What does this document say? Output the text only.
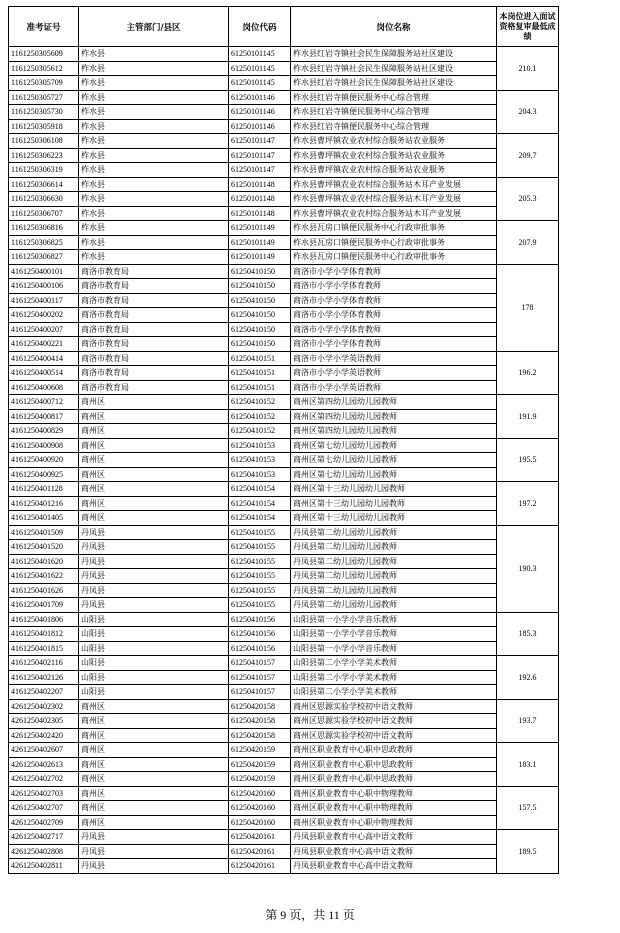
准考证号	主管部门/县区	岗位代码	岗位名称	本岗位进入面试资格复审最低成绩
1161250305609	柞水县	61250101145	柞水县红岩寺镇社会民生保障服务站社区建设	210.1
1161250305612	柞水县	61250101145	柞水县红岩寺镇社会民生保障服务站社区建设	
1161250305709	柞水县	61250101145	柞水县红岩寺镇社会民生保障服务站社区建设	
1161250305727	柞水县	61250101146	柞水县红岩寺镇便民服务中心综合管理	204.3
1161250305730	柞水县	61250101146	柞水县红岩寺镇便民服务中心综合管理	
1161250305918	柞水县	61250101146	柞水县红岩寺镇便民服务中心综合管理	
1161250306108	柞水县	61250101147	柞水县曹坪镇农业农村综合服务站农业服务	209.7
1161250306223	柞水县	61250101147	柞水县曹坪镇农业农村综合服务站农业服务	
1161250306319	柞水县	61250101147	柞水县曹坪镇农业农村综合服务站农业服务	
1161250306614	柞水县	61250101148	柞水县曹坪镇农业农村综合服务站木耳产业发展	205.3
1161250306630	柞水县	61250101148	柞水县曹坪镇农业农村综合服务站木耳产业发展	
1161250306707	柞水县	61250101148	柞水县曹坪镇农业农村综合服务站木耳产业发展	
1161250306816	柞水县	61250101149	柞水县瓦房口镇便民服务中心行政审批事务	207.9
1161250306825	柞水县	61250101149	柞水县瓦房口镇便民服务中心行政审批事务	
1161250306827	柞水县	61250101149	柞水县瓦房口镇便民服务中心行政审批事务	
4161250400101	商洛市教育局	61250410150	商洛市小学小学体育教师	178
4161250400106	商洛市教育局	61250410150	商洛市小学小学体育教师	
4161250400117	商洛市教育局	61250410150	商洛市小学小学体育教师	
4161250400202	商洛市教育局	61250410150	商洛市小学小学体育教师	
4161250400207	商洛市教育局	61250410150	商洛市小学小学体育教师	
4161250400221	商洛市教育局	61250410150	商洛市小学小学体育教师	
4161250400414	商洛市教育局	61250410151	商洛市小学小学英语教师	196.2
4161250400514	商洛市教育局	61250410151	商洛市小学小学英语教师	
4161250400608	商洛市教育局	61250410151	商洛市小学小学英语教师	
4161250400712	商州区	61250410152	商州区第四幼儿园幼儿园教师	191.9
4161250400817	商州区	61250410152	商州区第四幼儿园幼儿园教师	
4161250400829	商州区	61250410152	商州区第四幼儿园幼儿园教师	
4161250400908	商州区	61250410153	商州区第七幼儿园幼儿园教师	195.5
4161250400920	商州区	61250410153	商州区第七幼儿园幼儿园教师	
4161250400925	商州区	61250410153	商州区第七幼儿园幼儿园教师	
4161250401128	商州区	61250410154	商州区第十三幼儿园幼儿园教师	197.2
4161250401216	商州区	61250410154	商州区第十三幼儿园幼儿园教师	
4161250401405	商州区	61250410154	商州区第十三幼儿园幼儿园教师	
4161250401509	丹凤县	61250410155	丹凤县第二幼儿园幼儿园教师	190.3
4161250401520	丹凤县	61250410155	丹凤县第二幼儿园幼儿园教师	
4161250401620	丹凤县	61250410155	丹凤县第二幼儿园幼儿园教师	
4161250401622	丹凤县	61250410155	丹凤县第二幼儿园幼儿园教师	
4161250401626	丹凤县	61250410155	丹凤县第二幼儿园幼儿园教师	
4161250401709	丹凤县	61250410155	丹凤县第二幼儿园幼儿园教师	
4161250401806	山阳县	61250410156	山阳县第一小学小学音乐教师	185.3
4161250401812	山阳县	61250410156	山阳县第一小学小学音乐教师	
4161250401815	山阳县	61250410156	山阳县第一小学小学音乐教师	
4161250402116	山阳县	61250410157	山阳县第二小学小学美术教师	192.6
4161250402126	山阳县	61250410157	山阳县第二小学小学美术教师	
4161250402207	山阳县	61250410157	山阳县第二小学小学美术教师	
4261250402302	商州区	61250420158	商州区思源实验学校初中语文教师	193.7
4261250402305	商州区	61250420158	商州区思源实验学校初中语文教师	
4261250402420	商州区	61250420158	商州区思源实验学校初中语文教师	
4261250402607	商州区	61250420159	商州区职业教育中心职中思政教师	183.1
4261250402613	商州区	61250420159	商州区职业教育中心职中思政教师	
4261250402702	商州区	61250420159	商州区职业教育中心职中思政教师	
4261250402703	商州区	61250420160	商州区职业教育中心职中物理教师	157.5
4261250402707	商州区	61250420160	商州区职业教育中心职中物理教师	
4261250402709	商州区	61250420160	商州区职业教育中心职中物理教师	
4261250402717	丹凤县	61250420161	丹凤县职业教育中心高中语文教师	189.5
4261250402808	丹凤县	61250420161	丹凤县职业教育中心高中语文教师	
4261250402811	丹凤县	61250420161	丹凤县职业教育中心高中语文教师	
第 9 页，共 11 页
